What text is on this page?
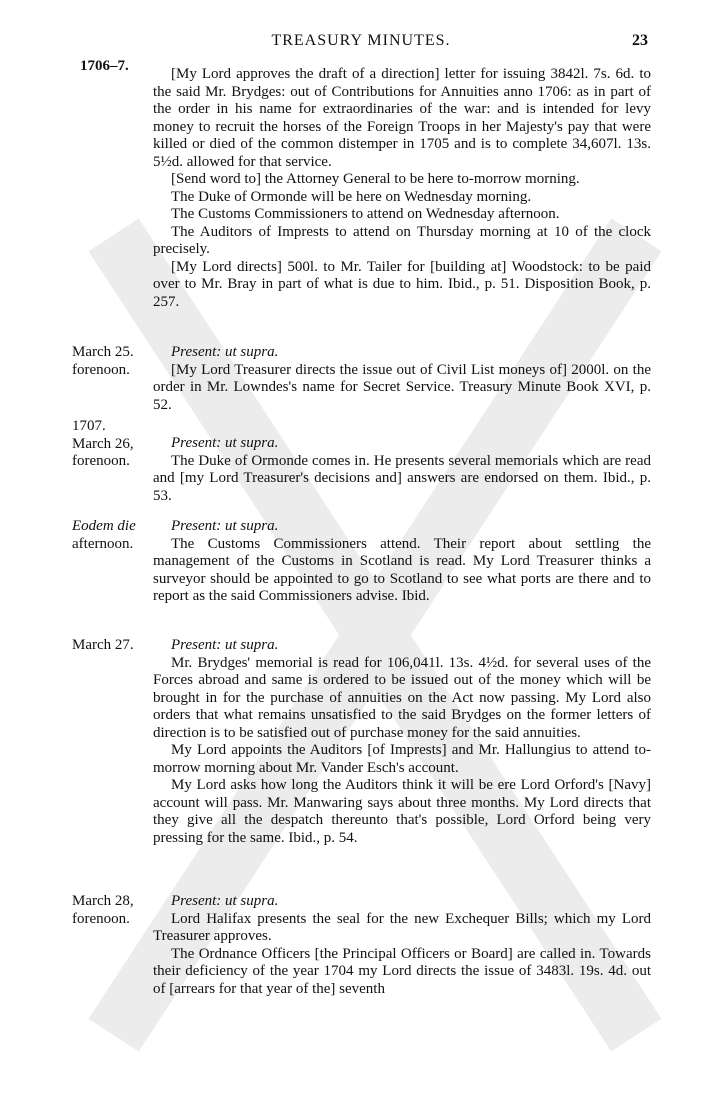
TREASURY MINUTES.	23
1706–7.	[My Lord approves the draft of a direction] letter for issuing 3842l. 7s. 6d. to the said Mr. Brydges: out of Contributions for Annuities anno 1706: as in part of the order in his name for extraordinaries of the war: and is intended for levy money to recruit the horses of the Foreign Troops in her Majesty's pay that were killed or died of the common distemper in 1705 and is to complete 34,607l. 13s. 5½d. allowed for that service.

[Send word to] the Attorney General to be here to-morrow morning.

The Duke of Ormonde will be here on Wednesday morning.

The Customs Commissioners to attend on Wednesday afternoon.

The Auditors of Imprests to attend on Thursday morning at 10 of the clock precisely.

[My Lord directs] 500l. to Mr. Tailer for [building at] Woodstock: to be paid over to Mr. Bray in part of what is due to him. Ibid., p. 51. Disposition Book, p. 257.

March 25.
forenoon.

Present: ut supra.

[My Lord Treasurer directs the issue out of Civil List moneys of] 2000l. on the order in Mr. Lowndes's name for Secret Service. Treasury Minute Book XVI, p. 52.

1707.
March 26,
forenoon.

Present: ut supra.

The Duke of Ormonde comes in. He presents several memorials which are read and [my Lord Treasurer's decisions and] answers are endorsed on them. Ibid., p. 53.

Eodem die
afternoon.

Present: ut supra.

The Customs Commissioners attend. Their report about settling the management of the Customs in Scotland is read. My Lord Treasurer thinks a surveyor should be appointed to go to Scotland to see what ports are there and to report as the said Commissioners advise. Ibid.

March 27.	Present: ut supra.

Mr. Brydges' memorial is read for 106,041l. 13s. 4½d. for several uses of the Forces abroad and same is ordered to be issued out of the money which will be brought in for the purchase of annuities on the Act now passing. My Lord also orders that what remains unsatisfied to the said Brydges on the former letters of direction is to be satisfied out of purchase money for the said annuities.

My Lord appoints the Auditors [of Imprests] and Mr. Hallungius to attend to-morrow morning about Mr. Vander Esch's account.

My Lord asks how long the Auditors think it will be ere Lord Orford's [Navy] account will pass. Mr. Manwaring says about three months. My Lord directs that they give all the despatch thereunto that's possible, Lord Orford being very pressing for the same. Ibid., p. 54.

March 28,
forenoon.

Present: ut supra.

Lord Halifax presents the seal for the new Exchequer Bills; which my Lord Treasurer approves.

The Ordnance Officers [the Principal Officers or Board] are called in. Towards their deficiency of the year 1704 my Lord directs the issue of 3483l. 19s. 4d. out of [arrears for that year of the] seventh
